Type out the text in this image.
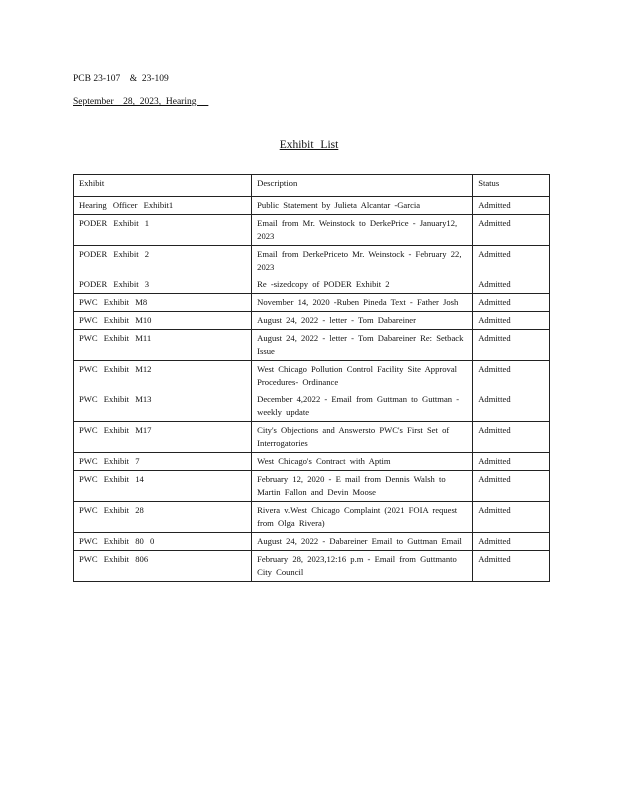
PCB 23-107    &  23-109
September    28,  2023,  Hearing
Exhibit List
Exhibit	Description	Status
Hearing Officer Exhibit1	Public Statement by Julieta Alcantar -Garcia	Admitted
PODER Exhibit 1	Email from Mr. Weinstock to DerkePrice - January12, 2023	Admitted
PODER Exhibit 2	Email from DerkePriceto Mr. Weinstock - February 22, 2023	Admitted
PODER Exhibit 3	Re -sizedcopy of PODER Exhibit 2	Admitted
PWC Exhibit M8	November 14, 2020 -Ruben Pineda Text - Father Josh	Admitted
PWC Exhibit M10	August 24, 2022 - letter - Tom Dabareiner	Admitted
PWC Exhibit M11	August 24, 2022 - letter - Tom Dabareiner Re: Setback Issue	Admitted
PWC Exhibit M12	West Chicago Pollution Control Facility Site Approval Procedures- Ordinance	Admitted
PWC Exhibit M13	December 4,2022 - Email from Guttman to Guttman - weekly update	Admitted
PWC Exhibit M17	City's Objections and Answersto PWC's First Set of Interrogatories	Admitted
PWC Exhibit 7	West Chicago's Contract with Aptim	Admitted
PWC Exhibit 14	February 12, 2020 - E mail from Dennis Walsh to Martin Fallon and Devin Moose	Admitted
PWC Exhibit 28	Rivera v.West Chicago Complaint (2021 FOIA request from Olga Rivera)	Admitted
PWC Exhibit 80 0	August 24, 2022 - Dabareiner Email to Guttman Email	Admitted
PWC Exhibit 806	February 28, 2023,12:16 p.m - Email from Guttmanto City Council	Admitted
